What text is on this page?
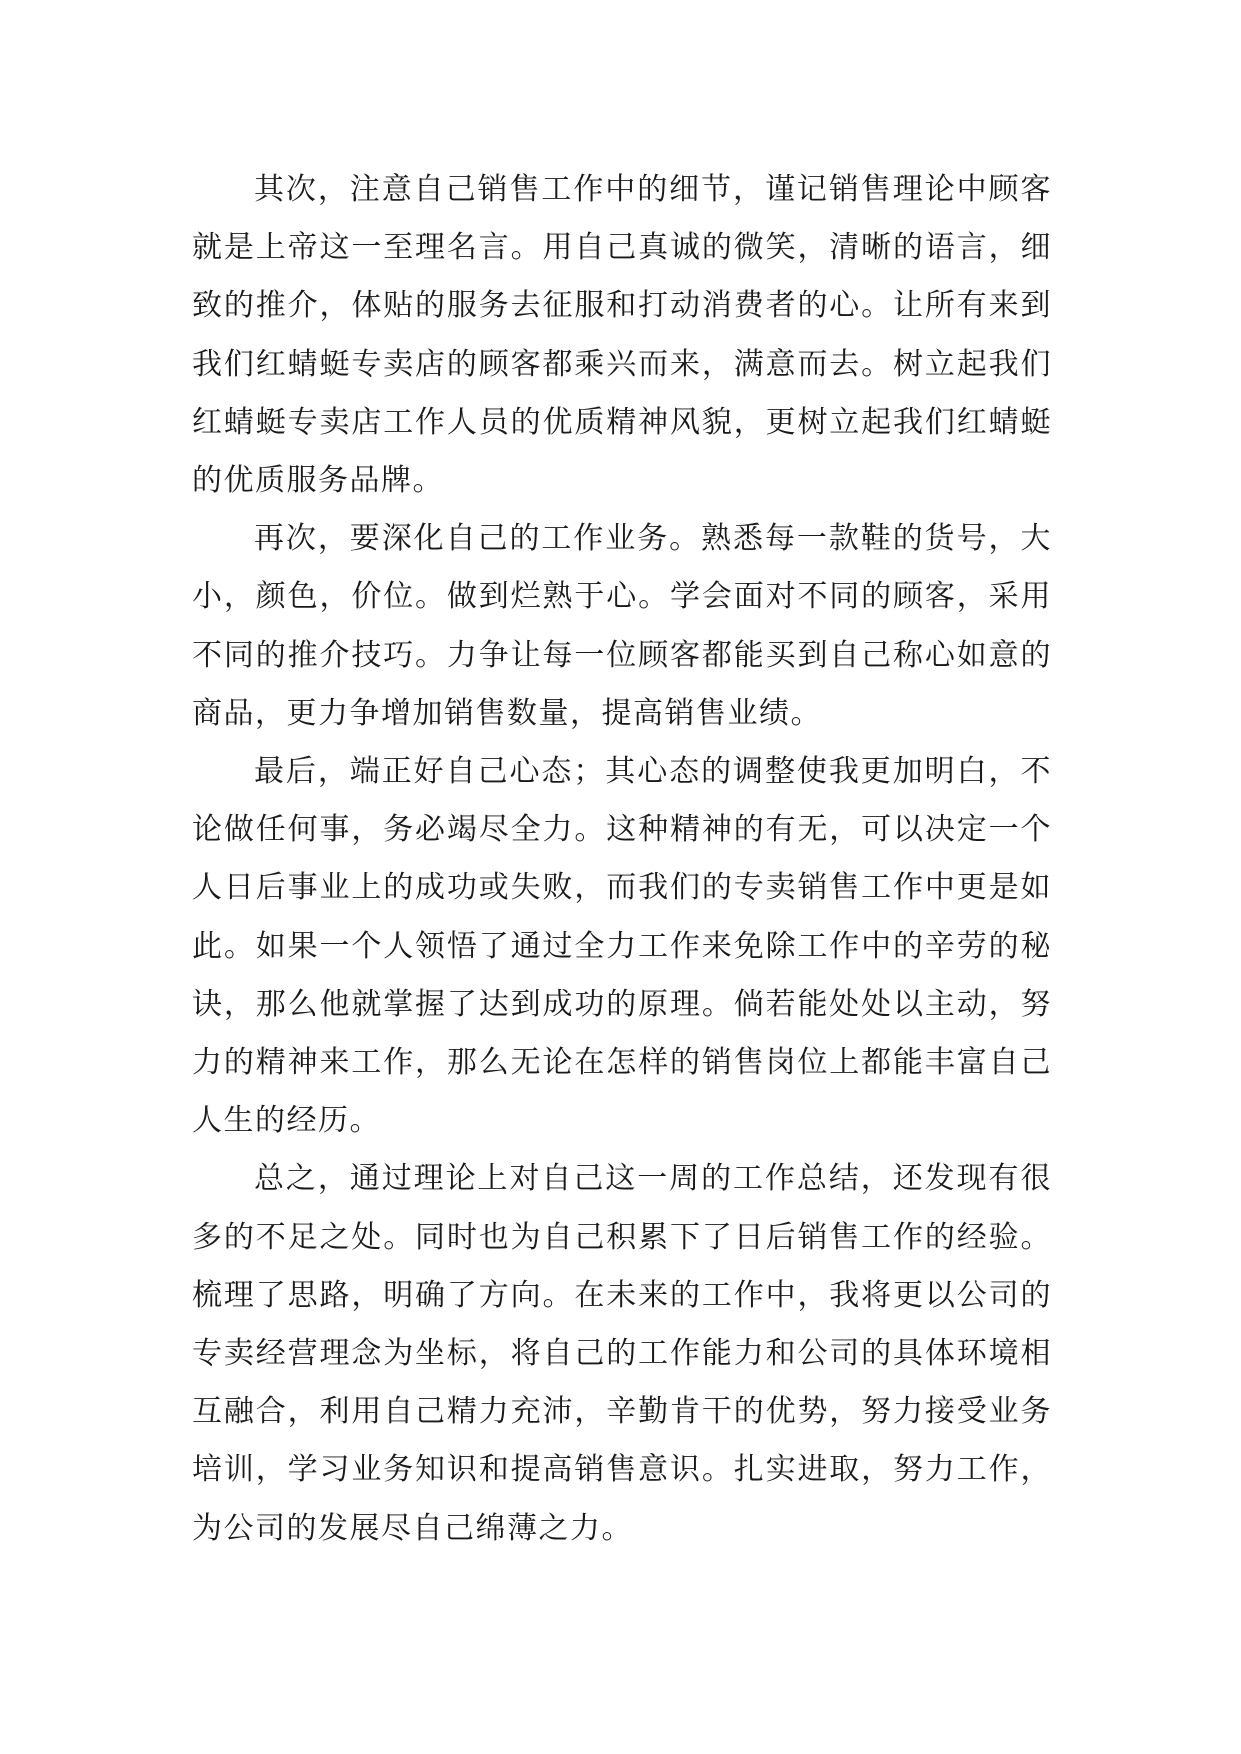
其次，注意自己销售工作中的细节，谨记销售理论中顾客就是上帝这一至理名言。用自己真诚的微笑，清晰的语言，细致的推介，体贴的服务去征服和打动消费者的心。让所有来到我们红蜻蜓专卖店的顾客都乘兴而来，满意而去。树立起我们红蜻蜓专卖店工作人员的优质精神风貌，更树立起我们红蜻蜓的优质服务品牌。

再次，要深化自己的工作业务。熟悉每一款鞋的货号，大小，颜色，价位。做到烂熟于心。学会面对不同的顾客，采用不同的推介技巧。力争让每一位顾客都能买到自己称心如意的商品，更力争增加销售数量，提高销售业绩。

最后，端正好自己心态；其心态的调整使我更加明白，不论做任何事，务必竭尽全力。这种精神的有无，可以决定一个人日后事业上的成功或失败，而我们的专卖销售工作中更是如此。如果一个人领悟了通过全力工作来免除工作中的辛劳的秘诀，那么他就掌握了达到成功的原理。倘若能处处以主动，努力的精神来工作，那么无论在怎样的销售岗位上都能丰富自己人生的经历。

总之，通过理论上对自己这一周的工作总结，还发现有很多的不足之处。同时也为自己积累下了日后销售工作的经验。梳理了思路，明确了方向。在未来的工作中，我将更以公司的专卖经营理念为坐标，将自己的工作能力和公司的具体环境相互融合，利用自己精力充沛，辛勤肯干的优势，努力接受业务培训，学习业务知识和提高销售意识。扎实进取，努力工作，为公司的发展尽自己绵薄之力。
